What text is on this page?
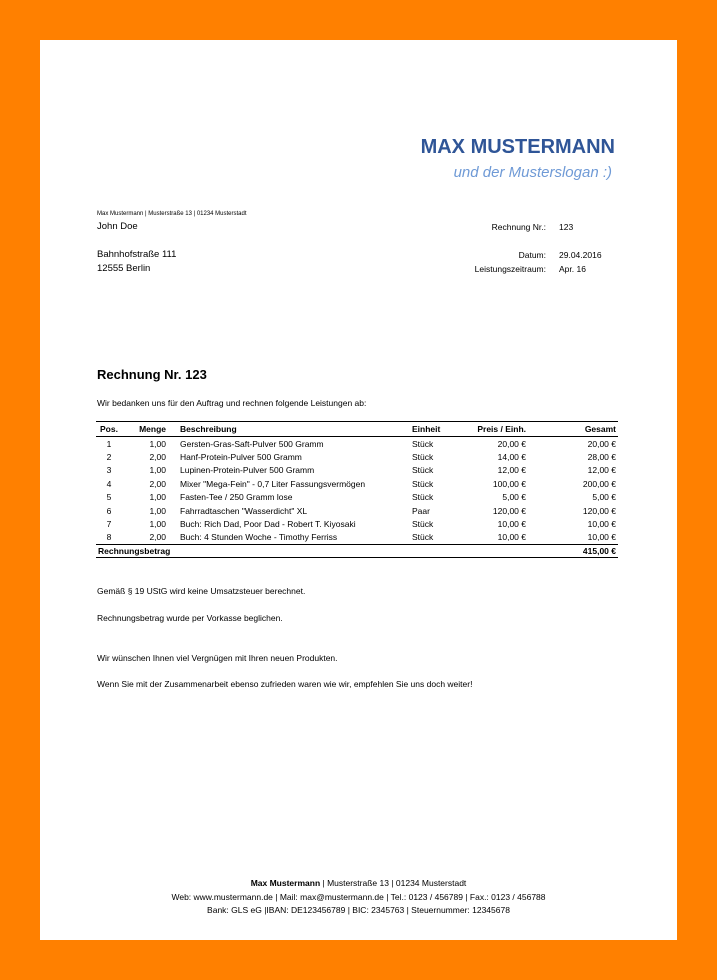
MAX MUSTERMANN
und der Musterslogan :)
Max Mustermann | Musterstraße 13 | 01234 Musterstadt
John Doe
Bahnhofstraße 111
12555 Berlin
Rechnung Nr.: 123
Datum: 29.04.2016
Leistungszeitraum: Apr. 16
Rechnung Nr. 123
Wir bedanken uns für den Auftrag und rechnen folgende Leistungen ab:
Pos.	Menge	Beschreibung	Einheit	Preis / Einh.	Gesamt
1	1,00	Gersten-Gras-Saft-Pulver 500 Gramm	Stück	20,00 €	20,00 €
2	2,00	Hanf-Protein-Pulver 500 Gramm	Stück	14,00 €	28,00 €
3	1,00	Lupinen-Protein-Pulver 500 Gramm	Stück	12,00 €	12,00 €
4	2,00	Mixer "Mega-Fein" - 0,7 Liter Fassungsvermögen	Stück	100,00 €	200,00 €
5	1,00	Fasten-Tee / 250 Gramm lose	Stück	5,00 €	5,00 €
6	1,00	Fahrradtaschen "Wasserdicht" XL	Paar	120,00 €	120,00 €
7	1,00	Buch: Rich Dad, Poor Dad - Robert T. Kiyosaki	Stück	10,00 €	10,00 €
8	2,00	Buch: 4 Stunden Woche - Timothy Ferriss	Stück	10,00 €	10,00 €
Rechnungsbetrag					415,00 €
Gemäß § 19 UStG wird keine Umsatzsteuer berechnet.
Rechnungsbetrag wurde per Vorkasse beglichen.
Wir wünschen Ihnen viel Vergnügen mit Ihren neuen Produkten.
Wenn Sie mit der Zusammenarbeit ebenso zufrieden waren wie wir, empfehlen Sie uns doch weiter!
Max Mustermann | Musterstraße 13 | 01234 Musterstadt
Web: www.mustermann.de | Mail: max@mustermann.de | Tel.: 0123 / 456789 | Fax.: 0123 / 456788
Bank: GLS eG |IBAN: DE123456789 | BIC: 2345763 | Steuernummer: 12345678
